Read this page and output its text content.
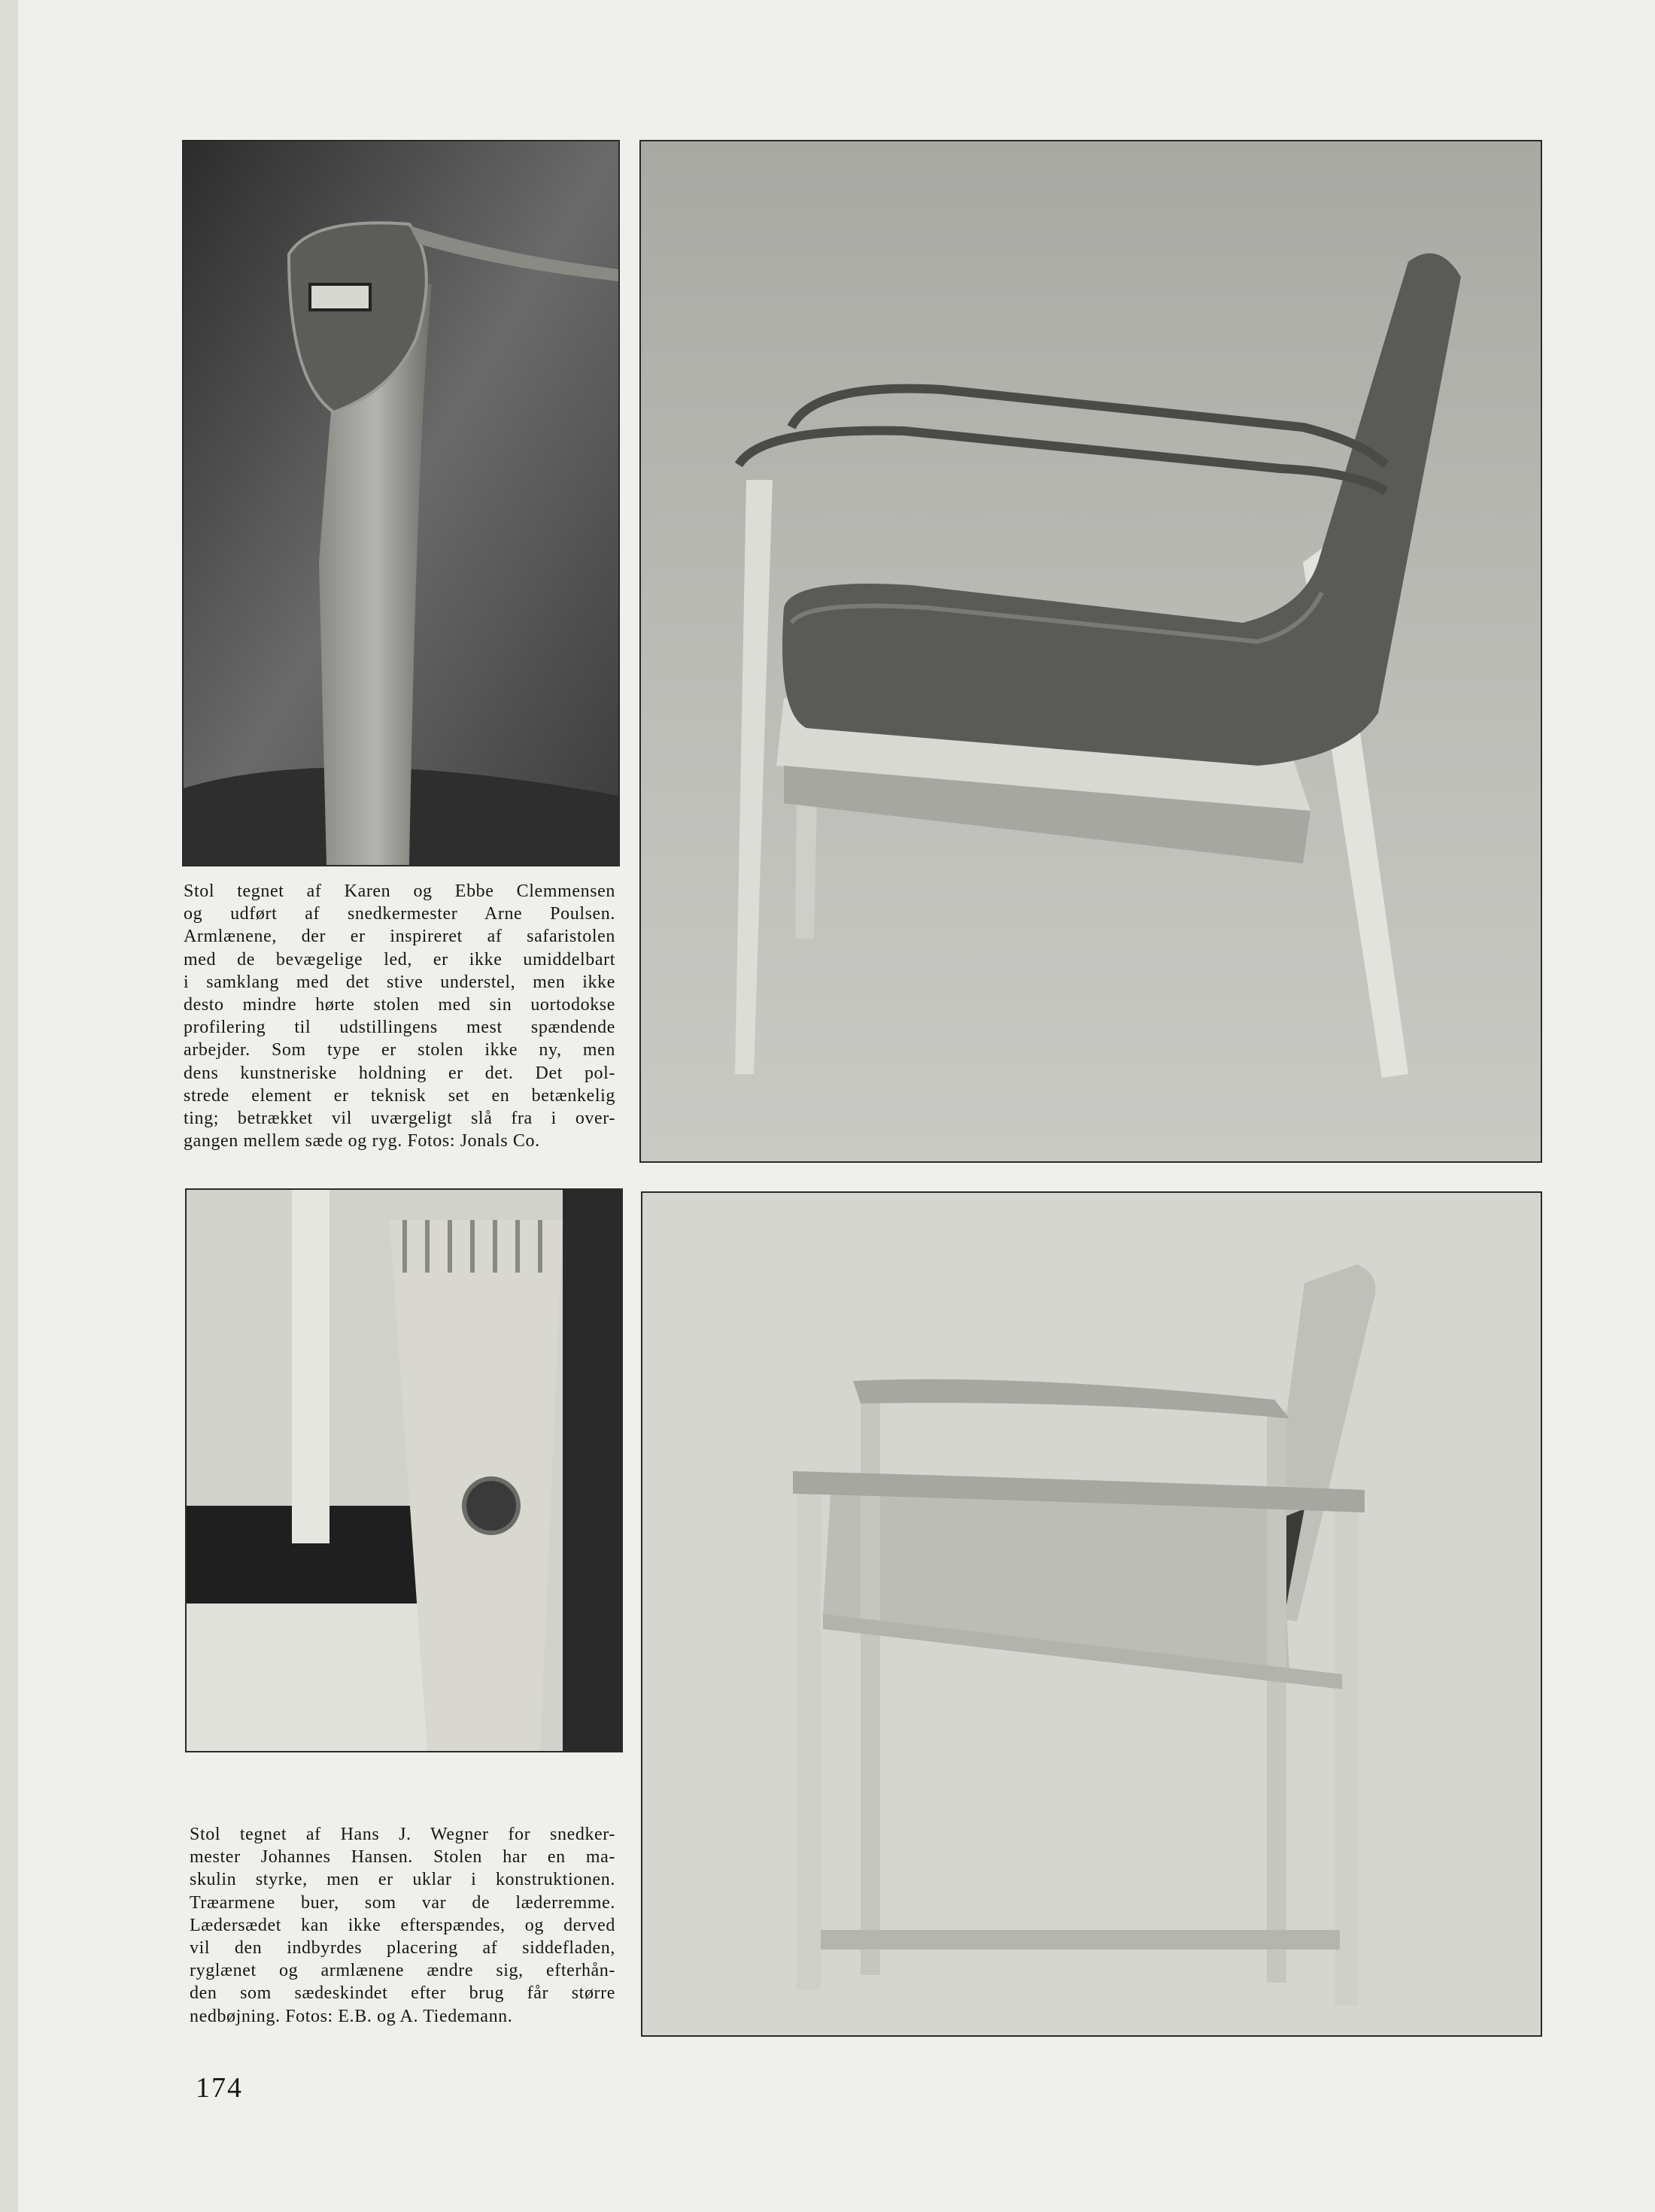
Stol tegnet af Karen og Ebbe Clemmensen
og udført af snedkermester Arne Poulsen.
Armlænene, der er inspireret af safaristolen
med de bevægelige led, er ikke umiddelbart
i samklang med det stive understel, men ikke
desto mindre hørte stolen med sin uortodokse
profilering til udstillingens mest spændende
arbejder. Som type er stolen ikke ny, men
dens kunstneriske holdning er det. Det pol-
strede element er teknisk set en betænkelig
ting; betrækket vil uværgeligt slå fra i over-
gangen mellem sæde og ryg. Fotos: Jonals Co.
Stol tegnet af Hans J. Wegner for snedker-
mester Johannes Hansen. Stolen har en ma-
skulin styrke, men er uklar i konstruktionen.
Træarmene buer, som var de læderremme.
Lædersædet kan ikke efterspændes, og derved
vil den indbyrdes placering af siddefladen,
ryglænet og armlænene ændre sig, efterhån-
den som sædeskindet efter brug får større
nedbøjning. Fotos: E.B. og A. Tiedemann.
174
